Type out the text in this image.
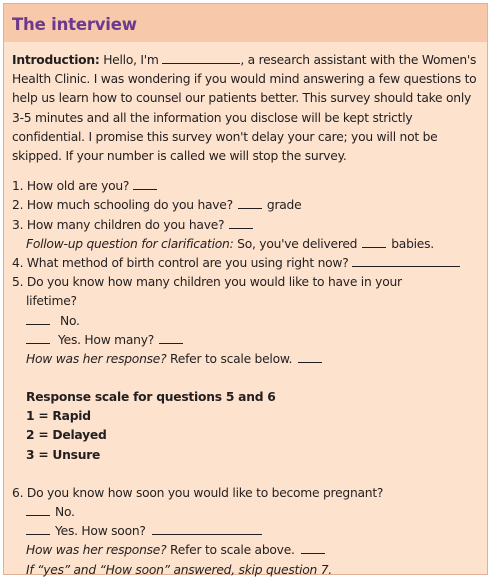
The interview

Introduction: Hello, I'm	, a research assistant with the Women's Health Clinic. I was wondering if you would mind answering a few questions to help us learn how to counsel our patients better. This survey should take only 3-5 minutes and all the information you disclose will be kept strictly confidential. I promise this survey won't delay your care; you will not be skipped. If your number is called we will stop the survey.

1. How old are you?
2. How much schooling do you have?	grade
3. How many children do you have?
Follow-up question for clarification: So, you've delivered	babies.
4. What method of birth control are you using right now?
5. Do you know how many children you would like to have in your
lifetime?
No.
Yes. How many?
How was her response? Refer to scale below.
Response scale for questions 5 and 6
1 = Rapid
2 = Delayed
3 = Unsure
6. Do you know how soon you would like to become pregnant?
No.
Yes. How soon?
How was her response? Refer to scale above.
If “yes” and “How soon” answered, skip question 7.
